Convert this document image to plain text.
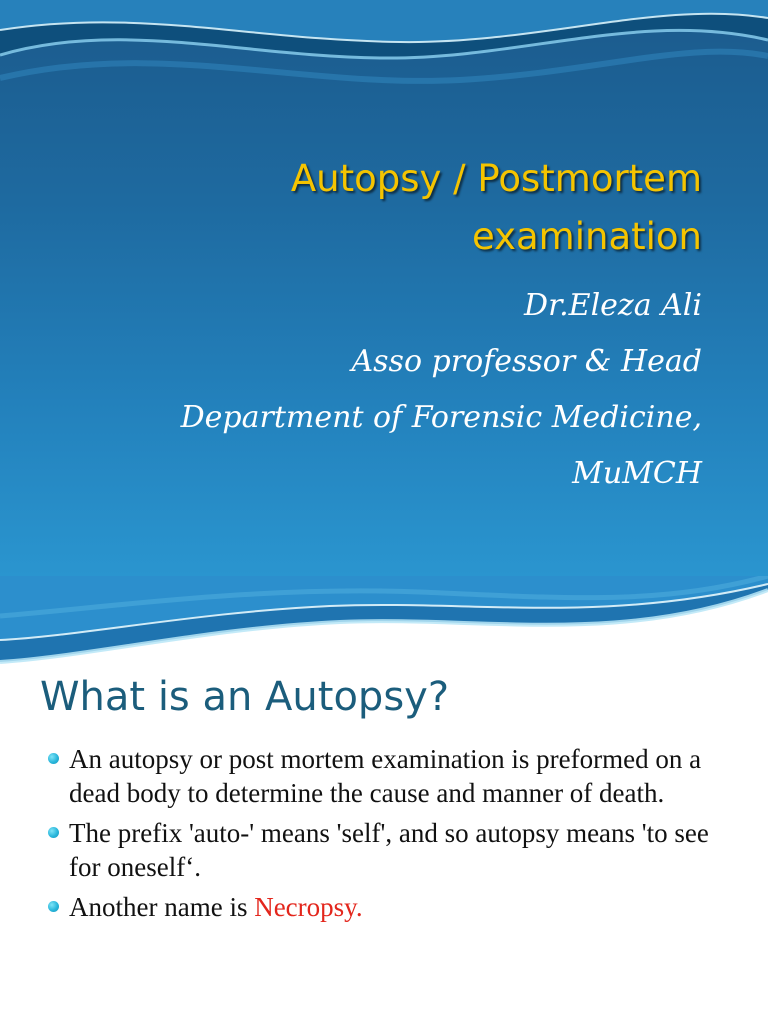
Autopsy / Postmortem
examination
Dr.Eleza Ali
Asso professor & Head
Department of Forensic Medicine,
MuMCH
What is an Autopsy?
An autopsy or post mortem examination is preformed on a dead body to determine the cause and manner of death.
The prefix 'auto-' means 'self', and so autopsy means 'to see for oneself‘.
Another name is Necropsy.
